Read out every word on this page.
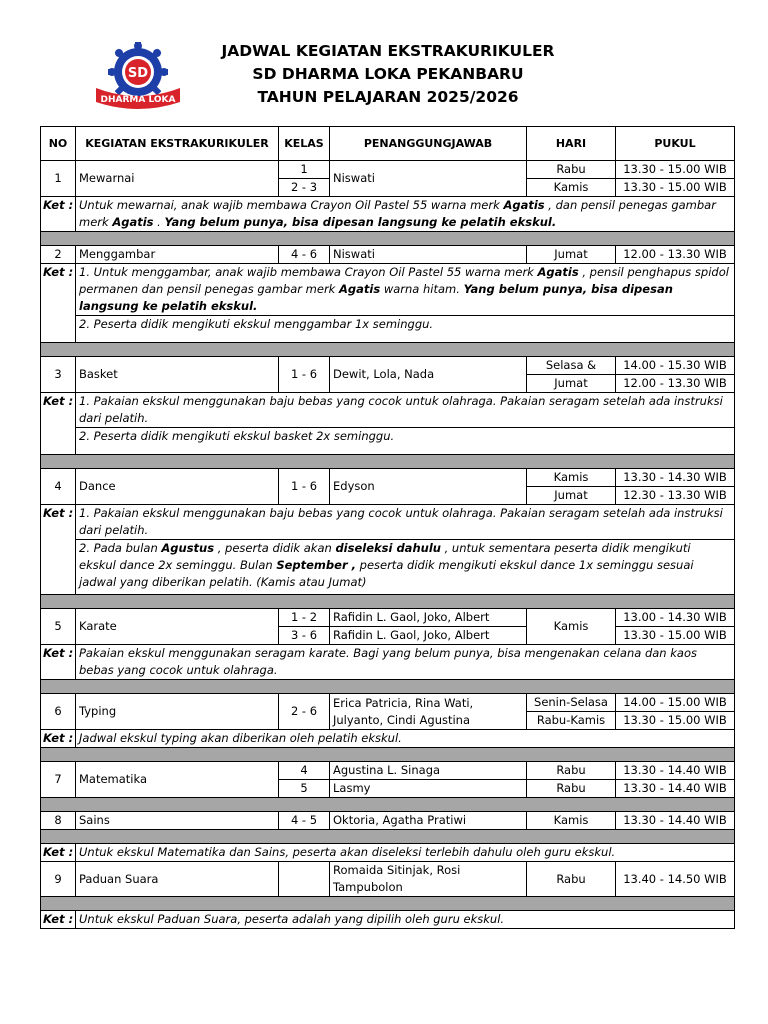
SD
DHARMA LOKA
JADWAL KEGIATAN EKSTRAKURIKULER
SD DHARMA LOKA PEKANBARU
TAHUN PELAJARAN 2025/2026
NO	KEGIATAN EKSTRAKURIKULER	KELAS	PENANGGUNGJAWAB	HARI	PUKUL
1	Mewarnai	1	Niswati	Rabu	13.30 - 15.00 WIB
		2 - 3		Kamis	13.30 - 15.00 WIB
Ket :	Untuk mewarnai, anak wajib membawa Crayon Oil Pastel 55 warna merk Agatis , dan pensil penegas gambar merk Agatis . Yang belum punya, bisa dipesan langsung ke pelatih ekskul.				

2	Menggambar	4 - 6	Niswati	Jumat	12.00 - 13.30 WIB
Ket :	1. Untuk menggambar, anak wajib membawa Crayon Oil Pastel 55 warna merk Agatis , pensil penghapus spidol permanen dan pensil penegas gambar merk Agatis warna hitam. Yang belum punya, bisa dipesan langsung ke pelatih ekskul.				
	2. Peserta didik mengikuti ekskul menggambar 1x seminggu.				

3	Basket	1 - 6	Dewit, Lola, Nada	Selasa &	14.00 - 15.30 WIB
				Jumat	12.00 - 13.30 WIB
Ket :	1. Pakaian ekskul menggunakan baju bebas yang cocok untuk olahraga. Pakaian seragam setelah ada instruksi dari pelatih.				
	2. Peserta didik mengikuti ekskul basket 2x seminggu.				

4	Dance	1 - 6	Edyson	Kamis	13.30 - 14.30 WIB
				Jumat	12.30 - 13.30 WIB
Ket :	1. Pakaian ekskul menggunakan baju bebas yang cocok untuk olahraga. Pakaian seragam setelah ada instruksi dari pelatih.				
	2. Pada bulan Agustus , peserta didik akan diseleksi dahulu , untuk sementara peserta didik mengikuti ekskul dance 2x seminggu. Bulan September , peserta didik mengikuti ekskul dance 1x seminggu sesuai jadwal yang diberikan pelatih. (Kamis atau Jumat)				

5	Karate	1 - 2	Rafidin L. Gaol, Joko, Albert	Kamis	13.00 - 14.30 WIB
		3 - 6	Rafidin L. Gaol, Joko, Albert		13.30 - 15.00 WIB
Ket :	Pakaian ekskul menggunakan seragam karate. Bagi yang belum punya, bisa mengenakan celana dan kaos bebas yang cocok untuk olahraga.				

6	Typing	2 - 6	Erica Patricia, Rina Wati, Julyanto, Cindi Agustina	Senin-Selasa	14.00 - 15.00 WIB
				Rabu-Kamis	13.30 - 15.00 WIB
Ket :	Jadwal ekskul typing akan diberikan oleh pelatih ekskul.				

7	Matematika	4	Agustina L. Sinaga	Rabu	13.30 - 14.40 WIB
		5	Lasmy	Rabu	13.30 - 14.40 WIB

8	Sains	4 - 5	Oktoria, Agatha Pratiwi	Kamis	13.30 - 14.40 WIB

Ket :	Untuk ekskul Matematika dan Sains, peserta akan diseleksi terlebih dahulu oleh guru ekskul.				
9	Paduan Suara		Romaida Sitinjak, Rosi Tampubolon	Rabu	13.40 - 14.50 WIB

Ket :	Untuk ekskul Paduan Suara, peserta adalah yang dipilih oleh guru ekskul.				
